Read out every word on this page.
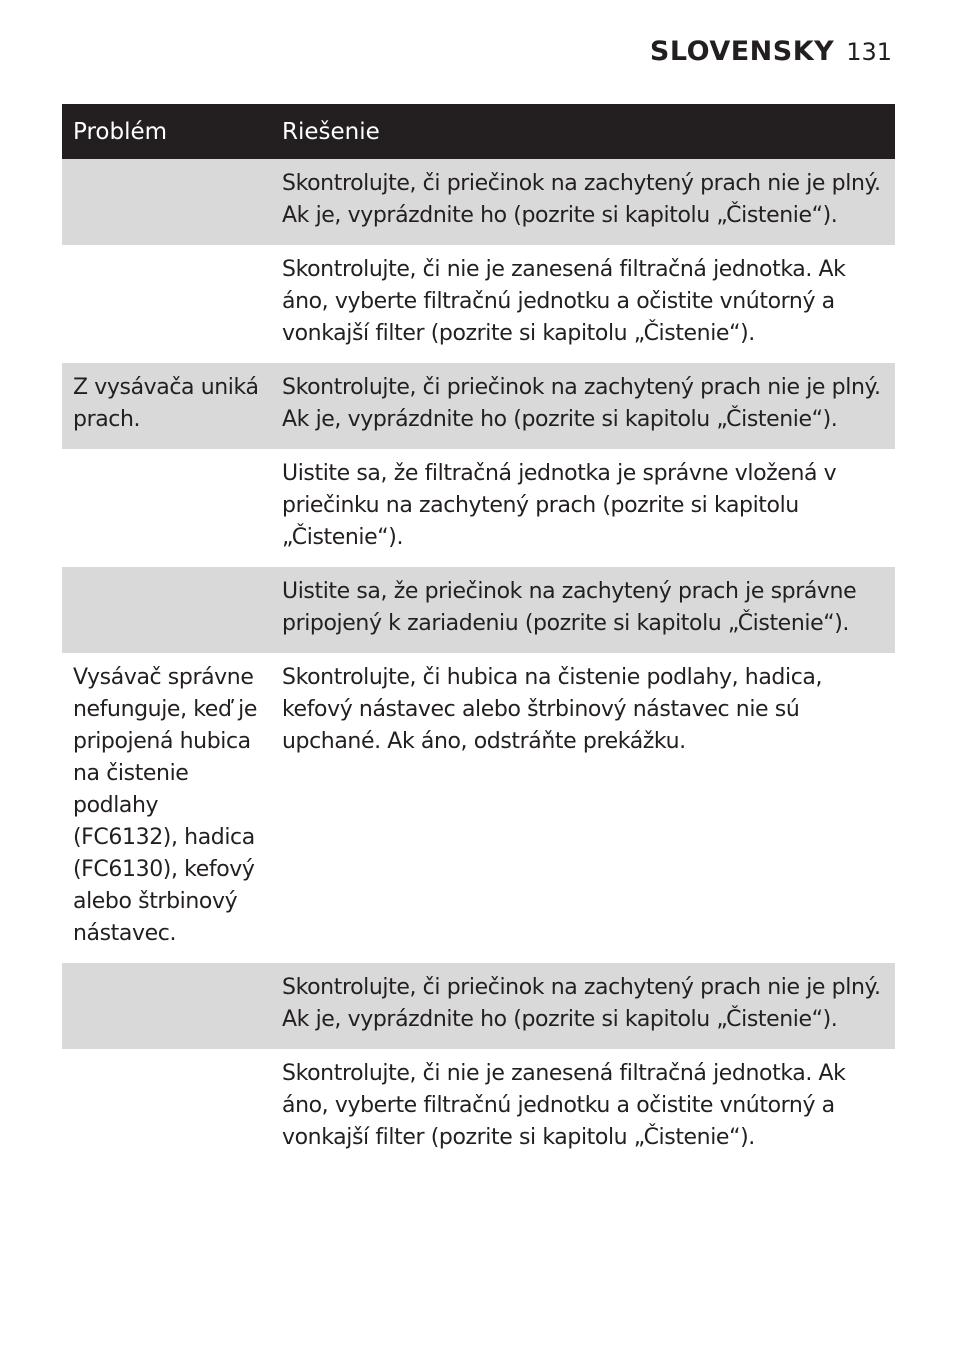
SLOVENSKY 131
Problém	Riešenie
	Skontrolujte, či priečinok na zachytený prach nie je plný. Ak je, vyprázdnite ho (pozrite si kapitolu „Čistenie“).
	Skontrolujte, či nie je zanesená filtračná jednotka. Ak áno, vyberte filtračnú jednotku a očistite vnútorný a vonkajší filter (pozrite si kapitolu „Čistenie“).
Z vysávača uniká prach.	Skontrolujte, či priečinok na zachytený prach nie je plný. Ak je, vyprázdnite ho (pozrite si kapitolu „Čistenie“).
	Uistite sa, že filtračná jednotka je správne vložená v priečinku na zachytený prach (pozrite si kapitolu „Čistenie“).
	Uistite sa, že priečinok na zachytený prach je správne pripojený k zariadeniu (pozrite si kapitolu „Čistenie“).
Vysávač správne nefunguje, keď je pripojená hubica na čistenie podlahy (FC6132), hadica (FC6130), kefový alebo štrbinový nástavec.	Skontrolujte, či hubica na čistenie podlahy, hadica, kefový nástavec alebo štrbinový nástavec nie sú upchané. Ak áno, odstráňte prekážku.
	Skontrolujte, či priečinok na zachytený prach nie je plný. Ak je, vyprázdnite ho (pozrite si kapitolu „Čistenie“).
	Skontrolujte, či nie je zanesená filtračná jednotka. Ak áno, vyberte filtračnú jednotku a očistite vnútorný a vonkajší filter (pozrite si kapitolu „Čistenie“).
